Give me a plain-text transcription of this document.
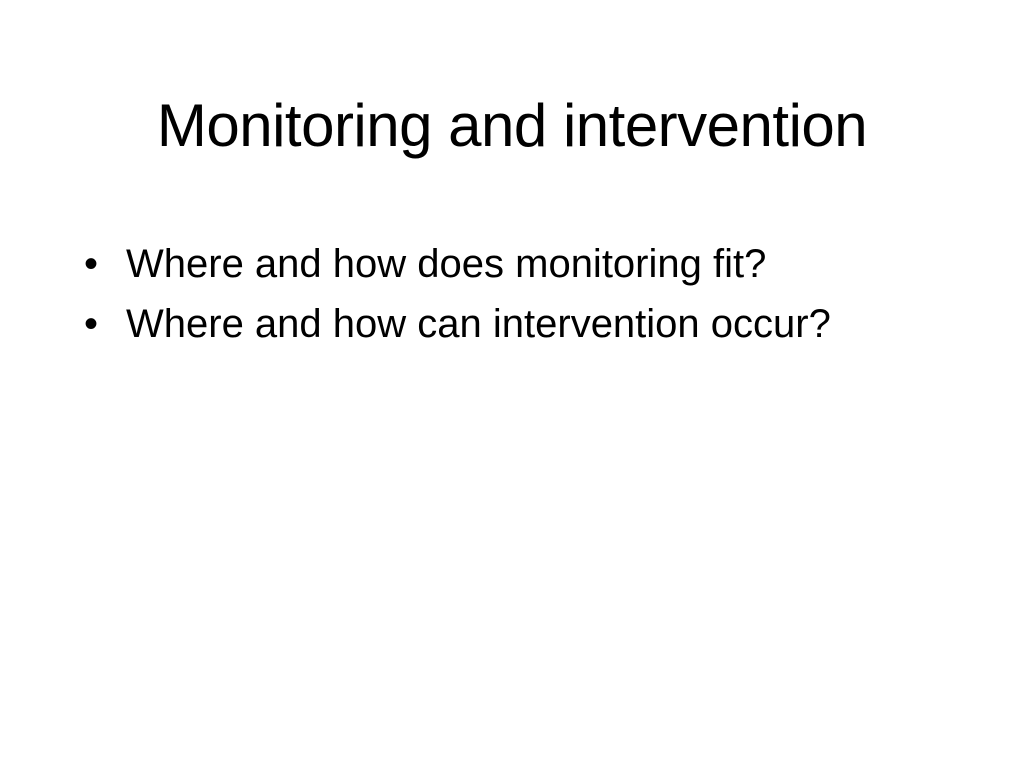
Monitoring and intervention
• Where and how does monitoring fit?
• Where and how can intervention occur?
